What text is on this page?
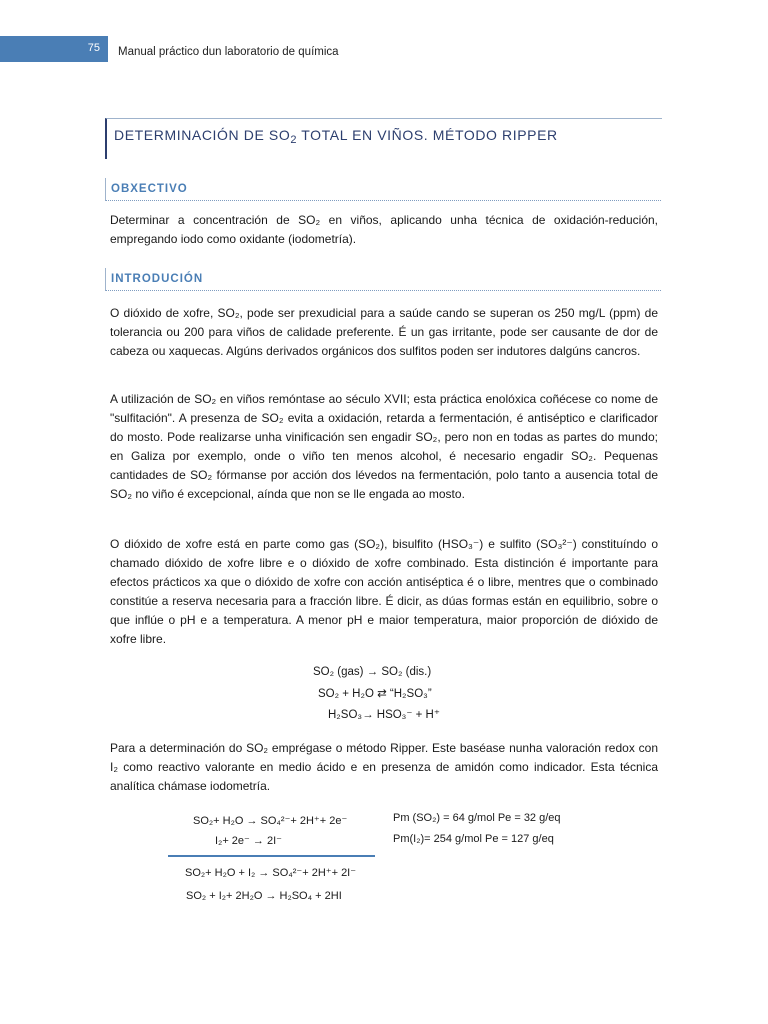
75 Manual práctico dun laboratorio de química
DETERMINACIÓN DE $SO_2$ TOTAL EN VIÑOS. MÉTODO RIPPER
OBXECTIVO

Determinar a concentración de SO₂ en viños, aplicando unha técnica de oxidación-redución, empregando iodo como oxidante (iodometría).

INTRODUCIÓN

O dióxido de xofre, SO₂, pode ser prexudicial para a saúde cando se superan os 250 mg/L (ppm) de tolerancia ou 200 para viños de calidade preferente. É un gas irritante, pode ser causante de dor de cabeza ou xaquecas. Algúns derivados orgánicos dos sulfitos poden ser indutores dalgúns cancros.

A utilización de SO₂ en viños remóntase ao século XVII; esta práctica enolóxica coñécese co nome de "sulfitación". A presenza de SO₂ evita a oxidación, retarda a fermentación, é antiséptico e clarificador do mosto. Pode realizarse unha vinificación sen engadir SO₂, pero non en todas as partes do mundo; en Galiza por exemplo, onde o viño ten menos alcohol, é necesario engadir SO₂. Pequenas cantidades de SO₂ fórmanse por acción dos lévedos na fermentación, polo tanto a ausencia total de SO₂ no viño é excepcional, aínda que non se lle engada ao mosto.

O dióxido de xofre está en parte como gas (SO₂), bisulfito (HSO₃⁻) e sulfito (SO₃²⁻) constituíndo o chamado dióxido de xofre libre e o dióxido de xofre combinado. Esta distinción é importante para efectos prácticos xa que o dióxido de xofre con acción antiséptica é o libre, mentres que o combinado constitúe a reserva necesaria para a fracción libre. É dicir, as dúas formas están en equilibrio, sobre o que inflúe o pH e a temperatura. A menor pH e maior temperatura, maior proporción de dióxido de xofre libre.

SO₂ (gas) → SO₂ (dis.)
SO₂ + H₂O ⇄ “H₂SO₃”
H₂SO₃→ HSO₃⁻ + H⁺

Para a determinación do SO₂ emprégase o método Ripper. Este baséase nunha valoración redox con I₂ como reactivo valorante en medio ácido e en presenza de amidón como indicador. Esta técnica analítica chámase iodometría.

SO₂+ H₂O → SO₄²⁻+ 2H⁺+ 2e⁻
I₂+ 2e⁻ → 2I⁻
SO₂+ H₂O + I₂ → SO₄²⁻+ 2H⁺+ 2I⁻
SO₂ + I₂+ 2H₂O → H₂SO₄ + 2HI
Pm (SO₂) = 64 g/mol Pe = 32 g/eq
Pm(I₂)= 254 g/mol Pe = 127 g/eq
